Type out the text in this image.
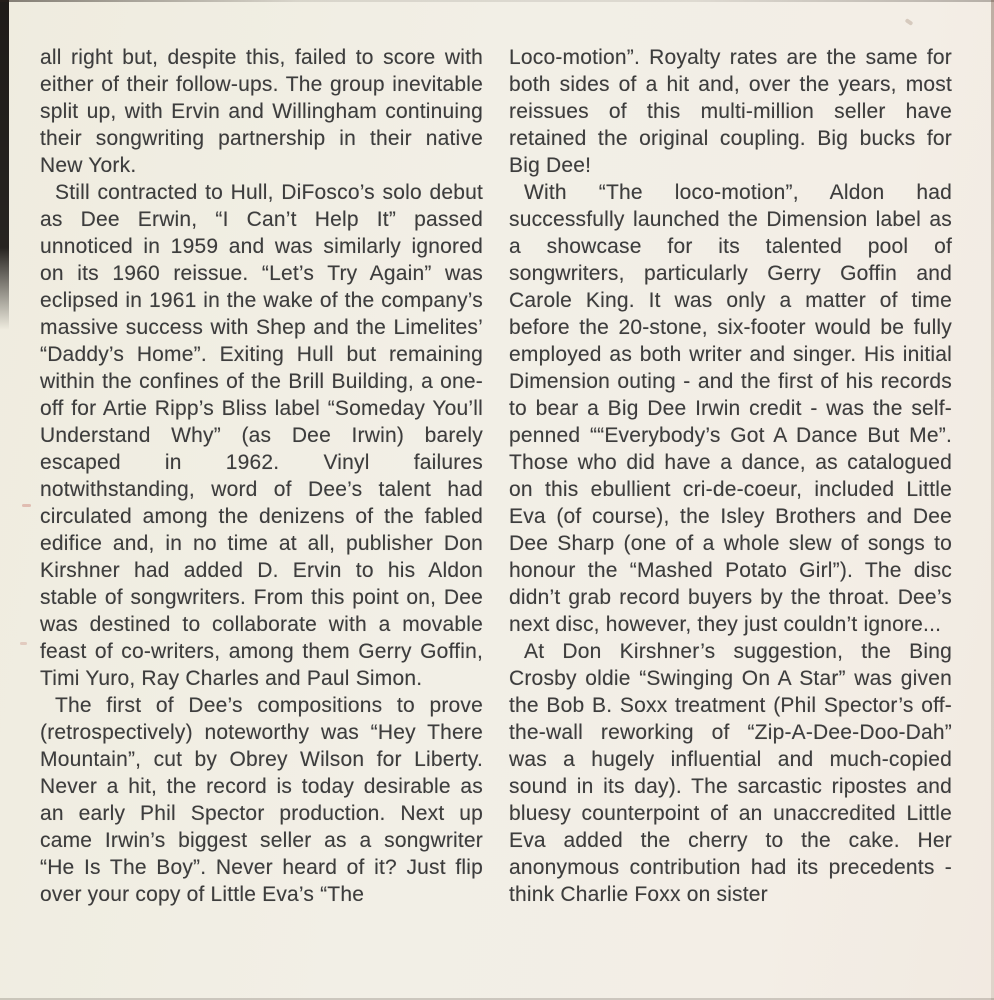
all right but, despite this, failed to score with either of their follow-ups. The group inevitable split up, with Ervin and Willingham continuing their songwriting partnership in their native New York.

Still contracted to Hull, DiFosco’s solo debut as Dee Erwin, “I Can’t Help It” passed unnoticed in 1959 and was similarly ignored on its 1960 reissue. “Let’s Try Again” was eclipsed in 1961 in the wake of the company’s massive success with Shep and the Limelites’ “Daddy’s Home”. Exiting Hull but remaining within the confines of the Brill Building, a one-off for Artie Ripp’s Bliss label “Someday You’ll Understand Why” (as Dee Irwin) barely escaped in 1962. Vinyl failures notwithstanding, word of Dee’s talent had circulated among the denizens of the fabled edifice and, in no time at all, publisher Don Kirshner had added D. Ervin to his Aldon stable of songwriters. From this point on, Dee was destined to collaborate with a movable feast of co-writers, among them Gerry Goffin, Timi Yuro, Ray Charles and Paul Simon.

The first of Dee’s compositions to prove (retrospectively) noteworthy was “Hey There Mountain”, cut by Obrey Wilson for Liberty. Never a hit, the record is today desirable as an early Phil Spector production. Next up came Irwin’s biggest seller as a songwriter “He Is The Boy”. Never heard of it? Just flip over your copy of Little Eva’s “The

Loco-motion”. Royalty rates are the same for both sides of a hit and, over the years, most reissues of this multi-million seller have retained the original coupling. Big bucks for Big Dee!

With “The loco-motion”, Aldon had successfully launched the Dimension label as a showcase for its talented pool of songwriters, particularly Gerry Goffin and Carole King. It was only a matter of time before the 20-stone, six-footer would be fully employed as both writer and singer. His initial Dimension outing - and the first of his records to bear a Big Dee Irwin credit - was the self-penned ““Everybody’s Got A Dance But Me”. Those who did have a dance, as catalogued on this ebullient cri-de-coeur, included Little Eva (of course), the Isley Brothers and Dee Dee Sharp (one of a whole slew of songs to honour the “Mashed Potato Girl”). The disc didn’t grab record buyers by the throat. Dee’s next disc, however, they just couldn’t ignore...

At Don Kirshner’s suggestion, the Bing Crosby oldie “Swinging On A Star” was given the Bob B. Soxx treatment (Phil Spector’s off-the-wall reworking of “Zip-A-Dee-Doo-Dah” was a hugely influential and much-copied sound in its day). The sarcastic ripostes and bluesy counterpoint of an unaccredited Little Eva added the cherry to the cake. Her anonymous contribution had its precedents - think Charlie Foxx on sister
